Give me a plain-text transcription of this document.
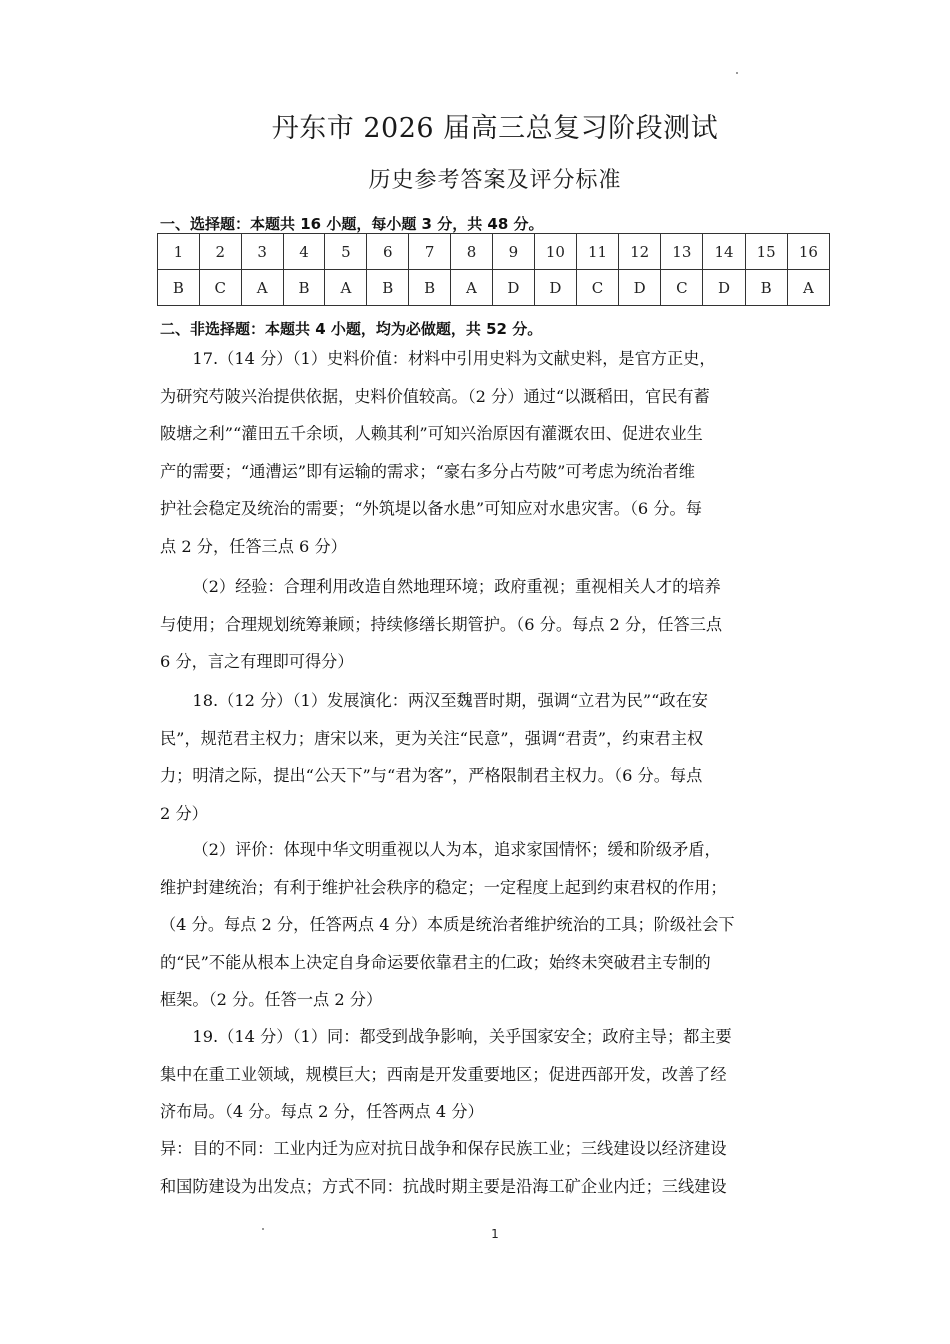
丹东市 2026 届高三总复习阶段测试
历史参考答案及评分标准
一、选择题：本题共 16 小题，每小题 3 分，共 48 分。
1	2	3	4	5	6	7	8	9	10	11	12	13	14	15	16
B	C	A	B	A	B	B	A	D	D	C	D	C	D	B	A
二、非选择题：本题共 4 小题，均为必做题，共 52 分。
17.（14 分）（1）史料价值：材料中引用史料为文献史料，是官方正史，
为研究芍陂兴治提供依据，史料价值较高。（2 分）通过“以溉稻田，官民有蓄
陂塘之利”“灌田五千余顷，人赖其利”可知兴治原因有灌溉农田、促进农业生
产的需要；“通漕运”即有运输的需求；“豪右多分占芍陂”可考虑为统治者维
护社会稳定及统治的需要；“外筑堤以备水患”可知应对水患灾害。（6 分。每
点 2 分，任答三点 6 分）
（2）经验：合理利用改造自然地理环境；政府重视；重视相关人才的培养
与使用；合理规划统筹兼顾；持续修缮长期管护。（6 分。每点 2 分，任答三点
6 分，言之有理即可得分）
18.（12 分）（1）发展演化：两汉至魏晋时期，强调“立君为民”“政在安
民”，规范君主权力；唐宋以来，更为关注“民意”，强调“君责”，约束君主权
力；明清之际，提出“公天下”与“君为客”，严格限制君主权力。（6 分。每点
2 分）
（2）评价：体现中华文明重视以人为本，追求家国情怀；缓和阶级矛盾，
维护封建统治；有利于维护社会秩序的稳定；一定程度上起到约束君权的作用；
（4 分。每点 2 分，任答两点 4 分）本质是统治者维护统治的工具；阶级社会下
的“民”不能从根本上决定自身命运要依靠君主的仁政；始终未突破君主专制的
框架。（2 分。任答一点 2 分）
19.（14 分）（1）同：都受到战争影响，关乎国家安全；政府主导；都主要
集中在重工业领域，规模巨大；西南是开发重要地区；促进西部开发，改善了经
济布局。（4 分。每点 2 分，任答两点 4 分）
异：目的不同：工业内迁为应对抗日战争和保存民族工业；三线建设以经济建设
和国防建设为出发点；方式不同：抗战时期主要是沿海工矿企业内迁；三线建设
1
